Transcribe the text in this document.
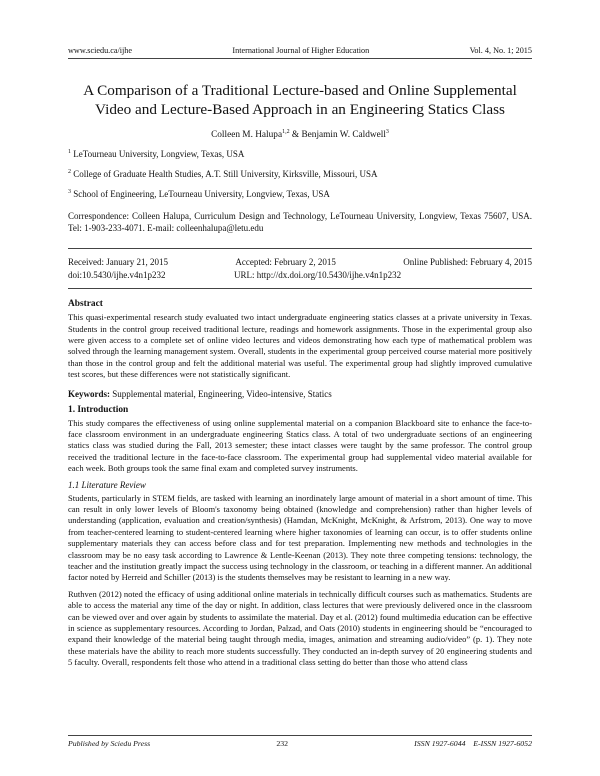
www.sciedu.ca/ijhe	International Journal of Higher Education	Vol. 4, No. 1; 2015
A Comparison of a Traditional Lecture-based and Online Supplemental
Video and Lecture-Based Approach in an Engineering Statics Class
Colleen M. Halupa$^{1,2}$ & Benjamin W. Caldwell$^3$
$^1$ LeTourneau University, Longview, Texas, USA
$^2$ College of Graduate Health Studies, A.T. Still University, Kirksville, Missouri, USA
$^3$ School of Engineering, LeTourneau University, Longview, Texas, USA
Correspondence: Colleen Halupa, Curriculum Design and Technology, LeTourneau University, Longview, Texas 75607, USA. Tel: 1-903-233-4071. E-mail: colleenhalupa@letu.edu
Received: January 21, 2015	Accepted: February 2, 2015	Online Published: February 4, 2015
doi:10.5430/ijhe.v4n1p232	URL: http://dx.doi.org/10.5430/ijhe.v4n1p232
Abstract
This quasi-experimental research study evaluated two intact undergraduate engineering statics classes at a private university in Texas. Students in the control group received traditional lecture, readings and homework assignments. Those in the experimental group also were given access to a complete set of online video lectures and videos demonstrating how each type of mathematical problem was solved through the learning management system. Overall, students in the experimental group perceived course material more positively than those in the control group and felt the additional material was useful. The experimental group had slightly improved cumulative test scores, but these differences were not statistically significant.
Keywords: Supplemental material, Engineering, Video-intensive, Statics
1. Introduction
This study compares the effectiveness of using online supplemental material on a companion Blackboard site to enhance the face-to-face classroom environment in an undergraduate engineering Statics class. A total of two undergraduate sections of an engineering statics class was studied during the Fall, 2013 semester; these intact classes were taught by the same professor. The control group received the traditional lecture in the face-to-face classroom. The experimental group had supplemental video material available for each week. Both groups took the same final exam and completed survey instruments.
1.1 Literature Review
Students, particularly in STEM fields, are tasked with learning an inordinately large amount of material in a short amount of time. This can result in only lower levels of Bloom's taxonomy being obtained (knowledge and comprehension) rather than higher levels of understanding (application, evaluation and creation/synthesis) (Hamdan, McKnight, McKnight, & Arfstrom, 2013). One way to move from teacher-centered learning to student-centered learning where higher taxonomies of learning can occur, is to offer students online supplementary materials they can access before class and for test preparation. Implementing new methods and technologies in the classroom may be no easy task according to Lawrence & Lentle-Keenan (2013). They note three competing tensions: technology, the teacher and the institution greatly impact the success using technology in the classroom, or teaching in a different manner. An additional factor noted by Herreid and Schiller (2013) is the students themselves may be resistant to learning in a new way.
Ruthven (2012) noted the efficacy of using additional online materials in technically difficult courses such as mathematics. Students are able to access the material any time of the day or night. In addition, class lectures that were previously delivered once in the classroom can be viewed over and over again by students to assimilate the material. Day et al. (2012) found multimedia education can be effective in science as supplementary resources. According to Jordan, Palzad, and Oats (2010) students in engineering should be “encouraged to expand their knowledge of the material being taught through media, images, animation and streaming audio/video” (p. 1). They note these materials have the ability to reach more students successfully. They conducted an in-depth survey of 20 engineering students and 5 faculty. Overall, respondents felt those who attend in a traditional class setting do better than those who attend class
Published by Sciedu Press	232	ISSN 1927-6044 E-ISSN 1927-6052
